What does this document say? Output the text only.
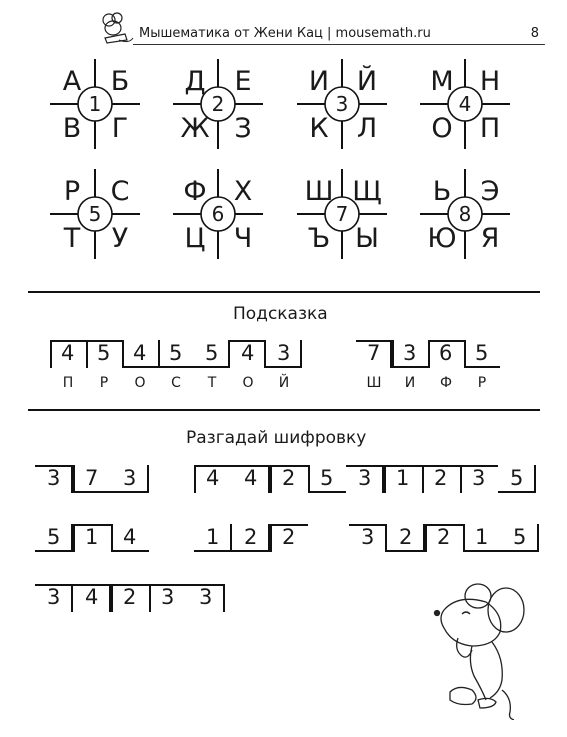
Мышематика от Жени Кац | mousemath.ru	8
А Б
В Г
1
Д Е
Ж З
2
И Й
К Л
3
М Н
О П
4
Р С
Т У
5
Ф Х
Ц Ч
6
Ш Щ
Ъ Ы
7
Ь Э
Ю Я
8
Подсказка
4 5 4 5 5 4 3
П	Р	О	С	Т	О	Й
7 3 6 5
Ш	И	Ф	Р
Разгадай шифровку
3 7 3	4 4 2 5 3 1 2 3 5
5 1 4	1 2 2	3 2 2 1 5
3 4 2 3 3
